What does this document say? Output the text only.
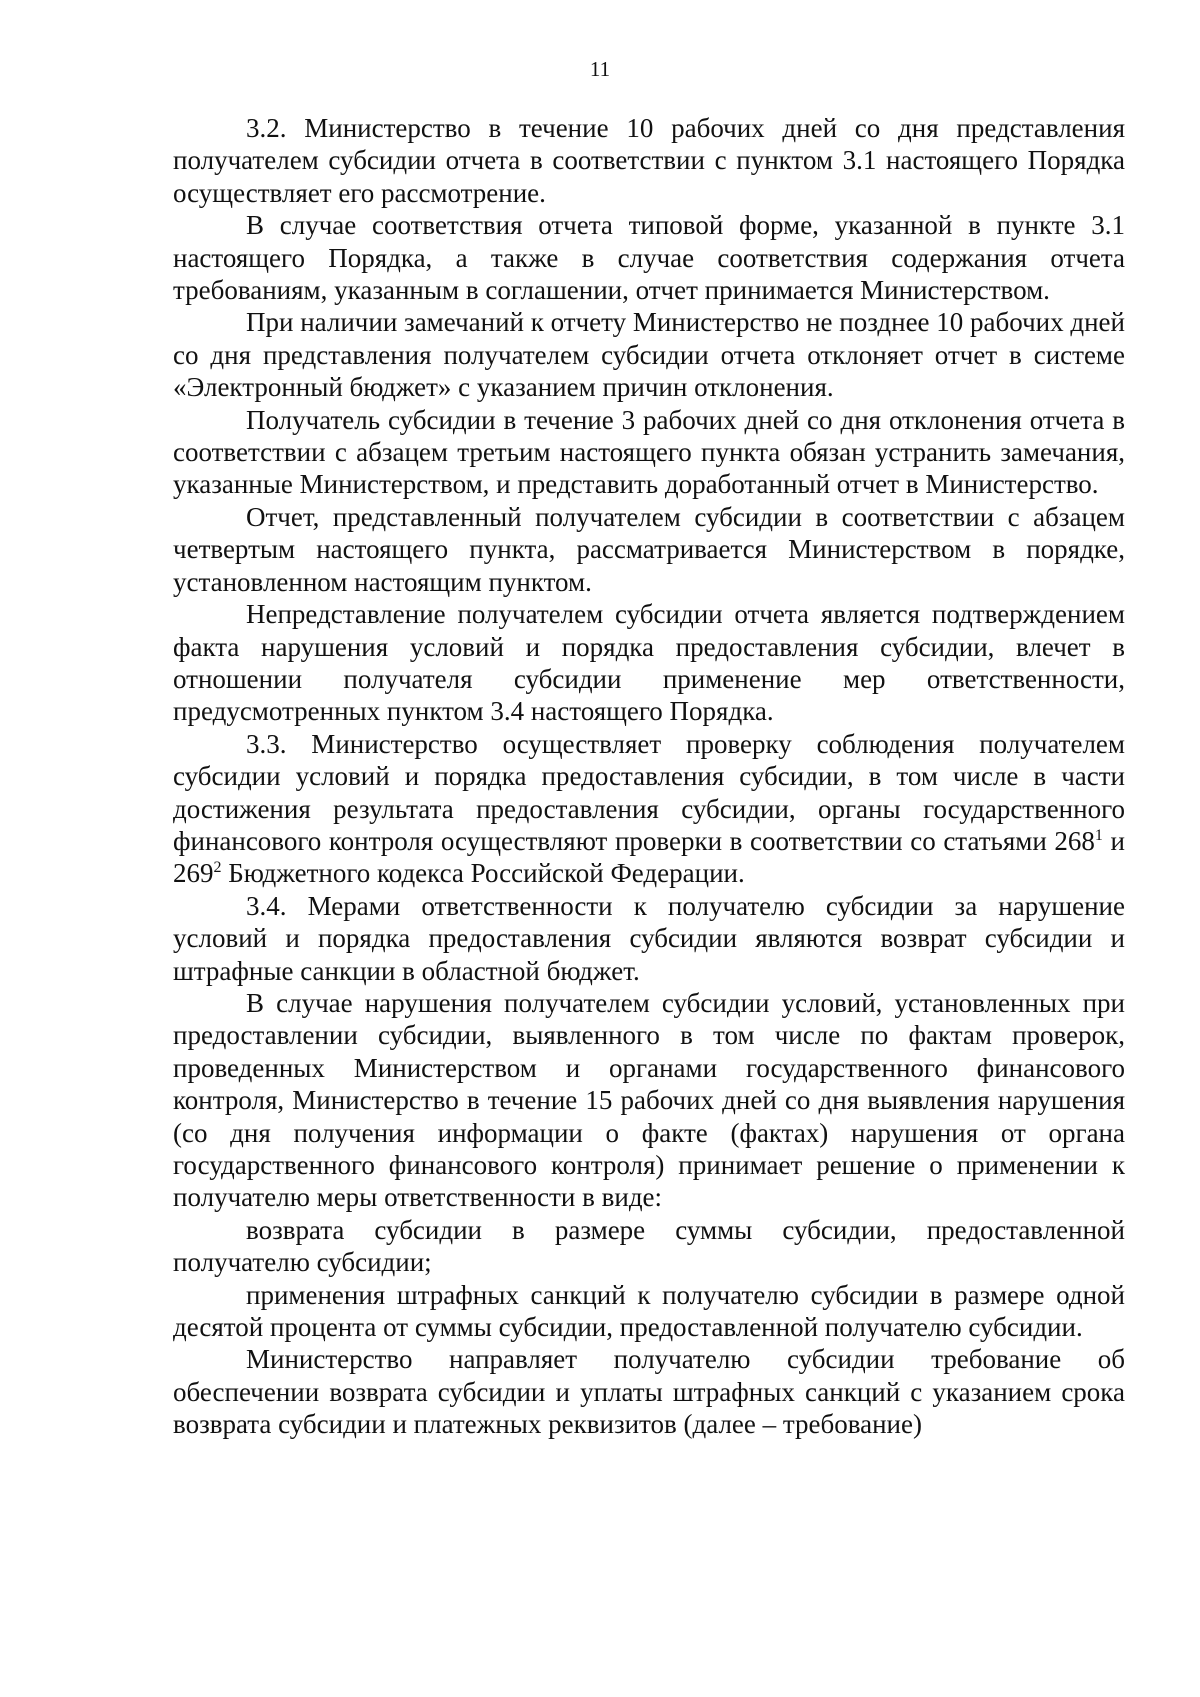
11

3.2. Министерство в течение 10 рабочих дней со дня представления получателем субсидии отчета в соответствии с пунктом 3.1 настоящего Порядка осуществляет его рассмотрение.

В случае соответствия отчета типовой форме, указанной в пункте 3.1 настоящего Порядка, а также в случае соответствия содержания отчета требованиям, указанным в соглашении, отчет принимается Министерством.

При наличии замечаний к отчету Министерство не позднее 10 рабочих дней со дня представления получателем субсидии отчета отклоняет отчет в системе «Электронный бюджет» с указанием причин отклонения.

Получатель субсидии в течение 3 рабочих дней со дня отклонения отчета в соответствии с абзацем третьим настоящего пункта обязан устранить замечания, указанные Министерством, и представить доработанный отчет в Министерство.

Отчет, представленный получателем субсидии в соответствии с абзацем четвертым настоящего пункта, рассматривается Министерством в порядке, установленном настоящим пунктом.

Непредставление получателем субсидии отчета является подтверждением факта нарушения условий и порядка предоставления субсидии, влечет в отношении получателя субсидии применение мер ответственности, предусмотренных пунктом 3.4 настоящего Порядка.

3.3. Министерство осуществляет проверку соблюдения получателем субсидии условий и порядка предоставления субсидии, в том числе в части достижения результата предоставления субсидии, органы государственного финансового контроля осуществляют проверки в соответствии со статьями $268^1$ и $269^2$ Бюджетного кодекса Российской Федерации.

3.4. Мерами ответственности к получателю субсидии за нарушение условий и порядка предоставления субсидии являются возврат субсидии и штрафные санкции в областной бюджет.

В случае нарушения получателем субсидии условий, установленных при предоставлении субсидии, выявленного в том числе по фактам проверок, проведенных Министерством и органами государственного финансового контроля, Министерство в течение 15 рабочих дней со дня выявления нарушения (со дня получения информации о факте (фактах) нарушения от органа государственного финансового контроля) принимает решение о применении к получателю меры ответственности в виде:

возврата субсидии в размере суммы субсидии, предоставленной получателю субсидии;

применения штрафных санкций к получателю субсидии в размере одной десятой процента от суммы субсидии, предоставленной получателю субсидии.

Министерство направляет получателю субсидии требование об обеспечении возврата субсидии и уплаты штрафных санкций с указанием срока возврата субсидии и платежных реквизитов (далее – требование)
